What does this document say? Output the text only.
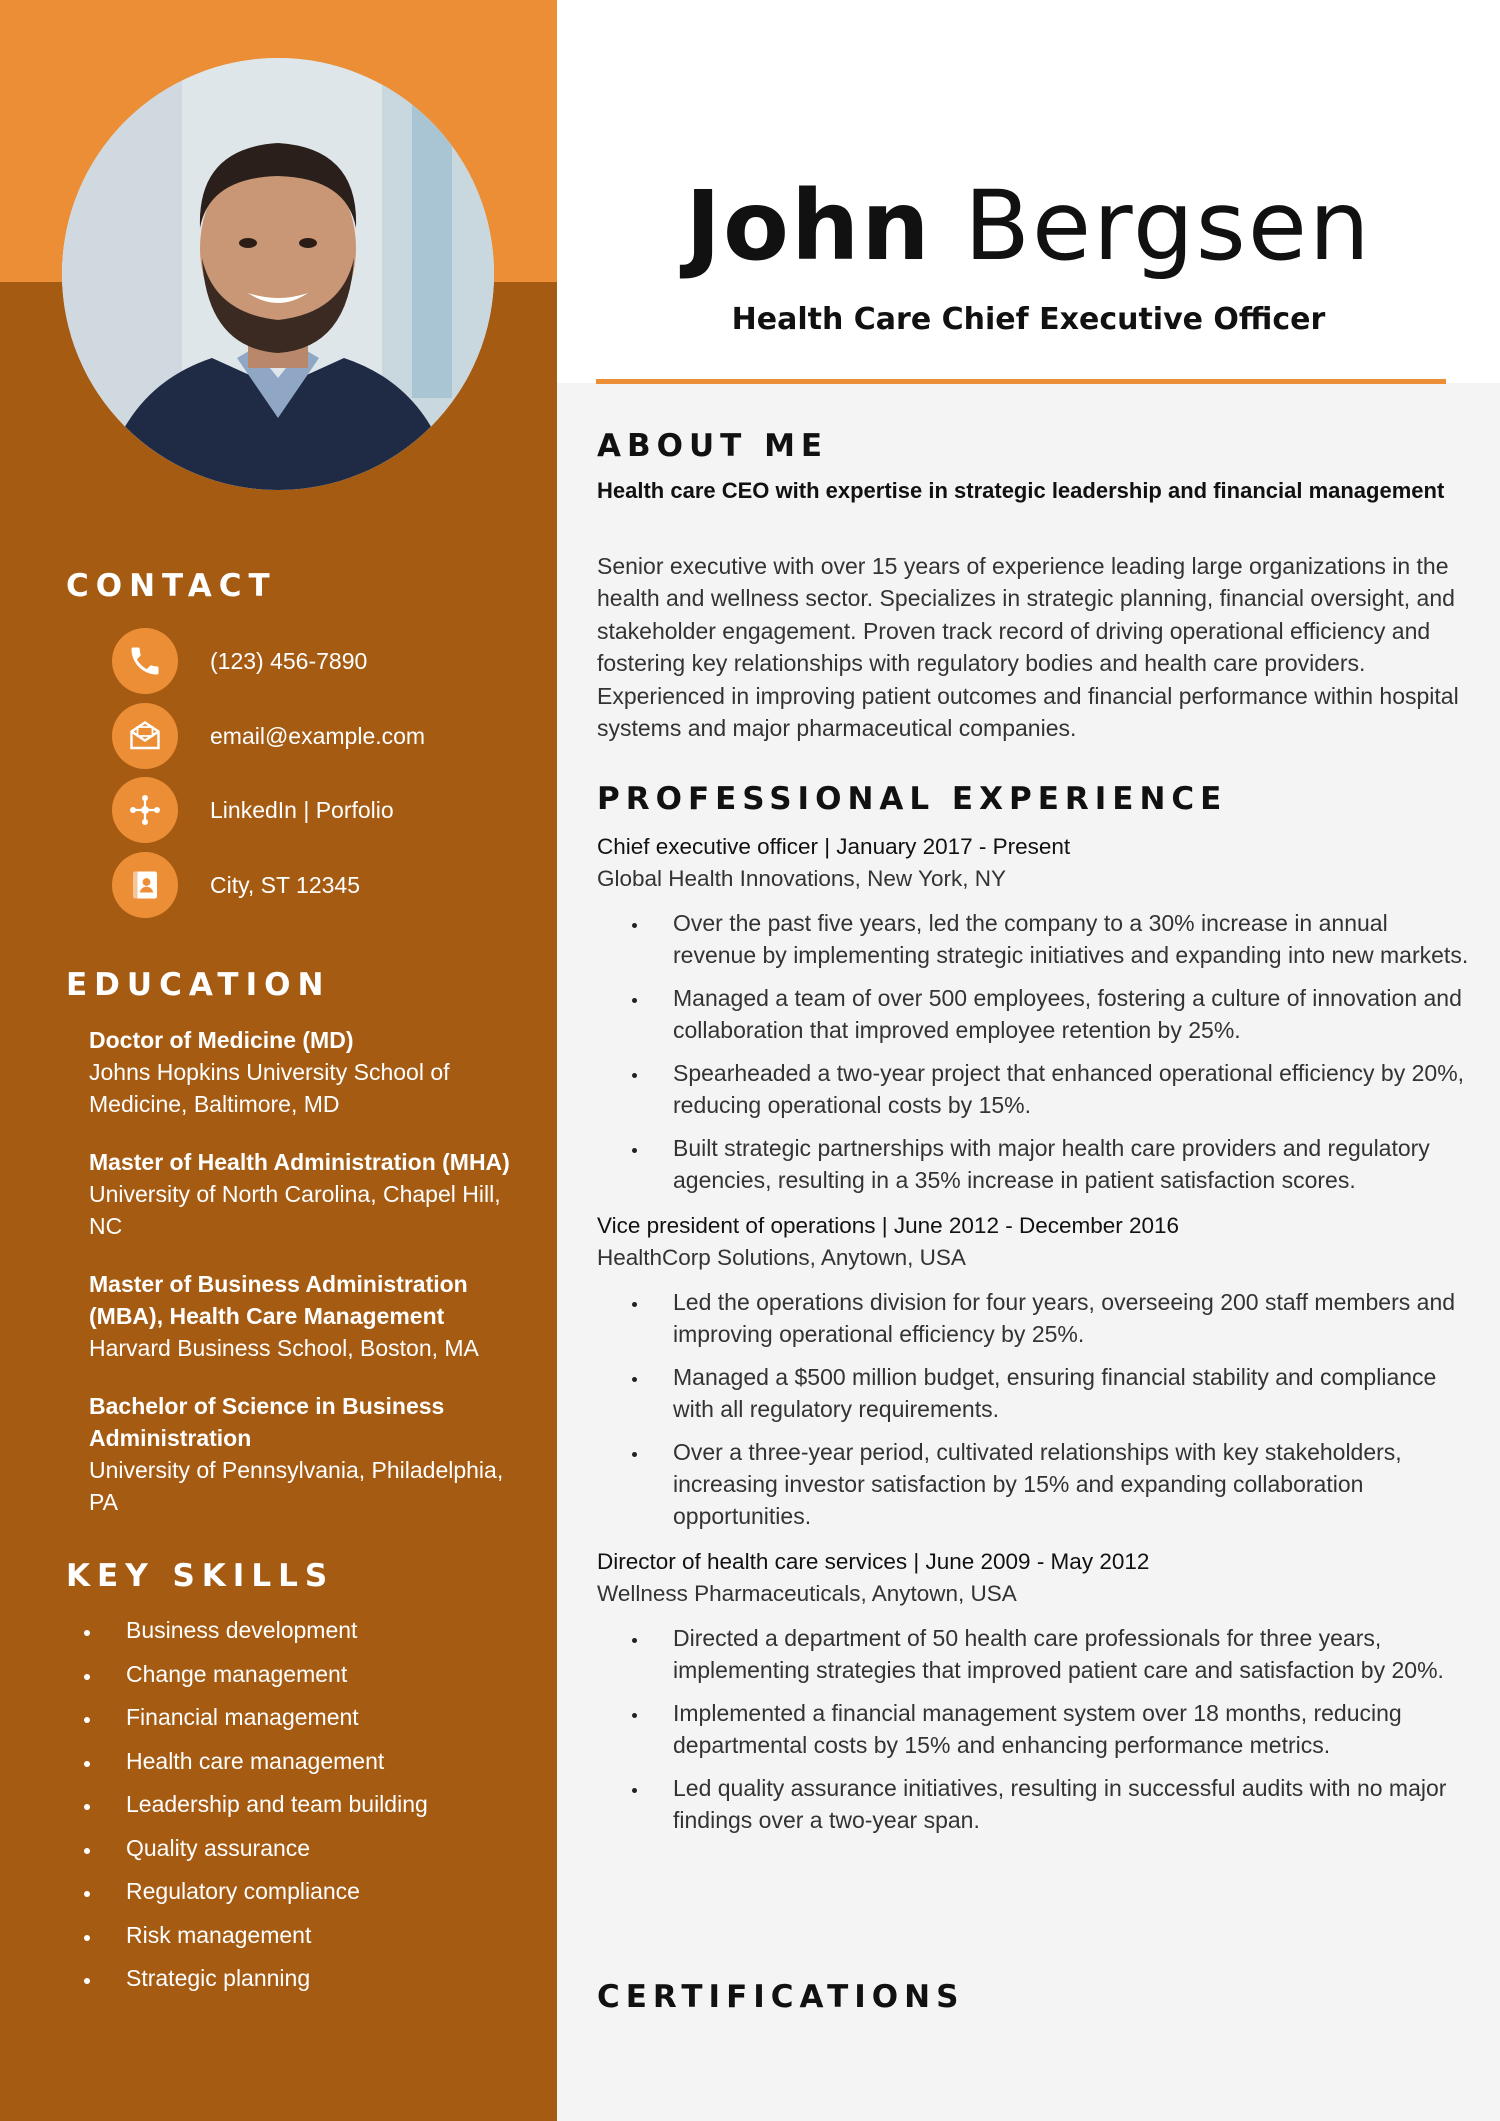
CONTACT
(123) 456-7890
email@example.com
LinkedIn | Porfolio
City, ST 12345
EDUCATION
Doctor of Medicine (MD)
Johns Hopkins University School of Medicine, Baltimore, MD
Master of Health Administration (MHA)
University of North Carolina, Chapel Hill, NC
Master of Business Administration (MBA), Health Care Management
Harvard Business School, Boston, MA
Bachelor of Science in Business Administration
University of Pennsylvania, Philadelphia, PA
KEY SKILLS
Business development
Change management
Financial management
Health care management
Leadership and team building
Quality assurance
Regulatory compliance
Risk management
Strategic planning
John Bergsen
Health Care Chief Executive Officer
ABOUT ME
Health care CEO with expertise in strategic leadership and financial management
Senior executive with over 15 years of experience leading large organizations in the health and wellness sector. Specializes in strategic planning, financial oversight, and stakeholder engagement. Proven track record of driving operational efficiency and fostering key relationships with regulatory bodies and health care providers. Experienced in improving patient outcomes and financial performance within hospital systems and major pharmaceutical companies.
PROFESSIONAL EXPERIENCE
Chief executive officer | January 2017 - Present
Global Health Innovations, New York, NY
Over the past five years, led the company to a 30% increase in annual revenue by implementing strategic initiatives and expanding into new markets.
Managed a team of over 500 employees, fostering a culture of innovation and collaboration that improved employee retention by 25%.
Spearheaded a two-year project that enhanced operational efficiency by 20%, reducing operational costs by 15%.
Built strategic partnerships with major health care providers and regulatory agencies, resulting in a 35% increase in patient satisfaction scores.
Vice president of operations | June 2012 - December 2016
HealthCorp Solutions, Anytown, USA
Led the operations division for four years, overseeing 200 staff members and improving operational efficiency by 25%.
Managed a $500 million budget, ensuring financial stability and compliance with all regulatory requirements.
Over a three-year period, cultivated relationships with key stakeholders, increasing investor satisfaction by 15% and expanding collaboration opportunities.
Director of health care services | June 2009 - May 2012
Wellness Pharmaceuticals, Anytown, USA
Directed a department of 50 health care professionals for three years, implementing strategies that improved patient care and satisfaction by 20%.
Implemented a financial management system over 18 months, reducing departmental costs by 15% and enhancing performance metrics.
Led quality assurance initiatives, resulting in successful audits with no major findings over a two-year span.
CERTIFICATIONS
